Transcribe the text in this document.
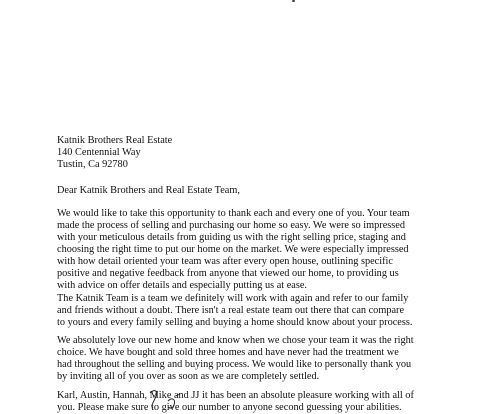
Katnik Brothers Real Estate
140 Centennial Way
Tustin, Ca 92780
Dear Katnik Brothers and Real Estate Team,
We would like to take this opportunity to thank each and every one of you. Your team
made the process of selling and purchasing our home so easy. We were so impressed
with your meticulous details from guiding us with the right selling price, staging and
choosing the right time to put our home on the market. We were especially impressed
with how detail oriented your team was after every open house, outlining specific
positive and negative feedback from anyone that viewed our home, to providing us
with advice on offer details and especially putting us at ease.
The Katnik Team is a team we definitely will work with again and refer to our family
and friends without a doubt. There isn't a real estate team out there that can compare
to yours and every family selling and buying a home should know about your process.
We absolutely love our new home and know when we chose your team it was the right
choice. We have bought and sold three homes and have never had the treatment we
had throughout the selling and buying process. We would like to personally thank you
by inviting all of you over as soon as we are completely settled.
Karl, Austin, Hannah, Mike and JJ it has been an absolute pleasure working with all of
you. Please make sure to give our number to anyone second guessing your abilities.
